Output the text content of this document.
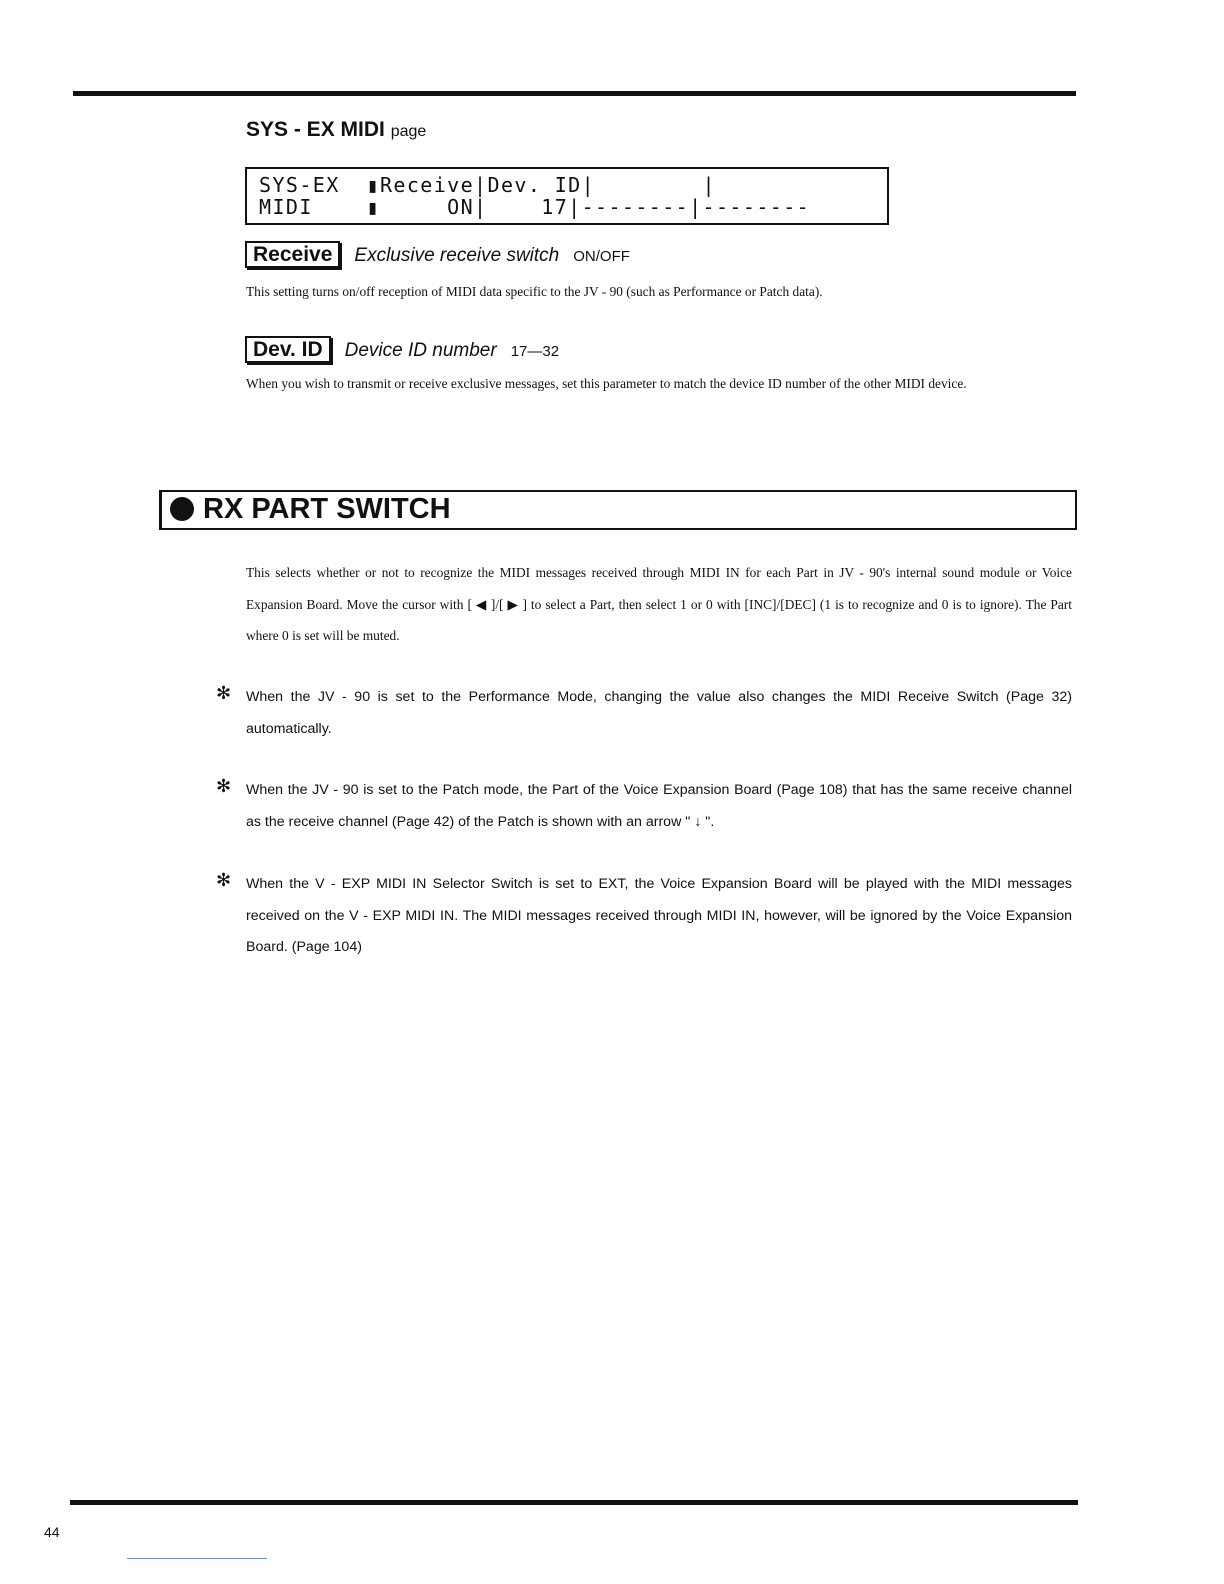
SYS - EX MIDI page

SYS-EX  ▮Receive|Dev. ID|        |

MIDI    ▮     ON|    17|--------|--------

Receive Exclusive receive switch ON/OFF
This setting turns on/off reception of MIDI data specific to the JV - 90 (such as Performance or Patch data).
Dev. ID Device ID number 17—32
When you wish to transmit or receive exclusive messages, set this parameter to match the device ID number of the other MIDI device.
RX PART SWITCH
This selects whether or not to recognize the MIDI messages received through MIDI IN for each Part in JV - 90's internal sound module or Voice Expansion Board. Move the cursor with [ ◀ ]/[ ▶ ] to select a Part, then select 1 or 0 with [INC]/[DEC] (1 is to recognize and 0 is to ignore). The Part where 0 is set will be muted.
✻ When the JV - 90 is set to the Performance Mode, changing the value also changes the MIDI Receive Switch (Page 32) automatically.
✻ When the JV - 90 is set to the Patch mode, the Part of the Voice Expansion Board (Page 108) that has the same receive channel as the receive channel (Page 42) of the Patch is shown with an arrow " ↓ ".
✻ When the V - EXP MIDI IN Selector Switch is set to EXT, the Voice Expansion Board will be played with the MIDI messages received on the V - EXP MIDI IN. The MIDI messages received through MIDI IN, however, will be ignored by the Voice Expansion Board. (Page 104)
44
